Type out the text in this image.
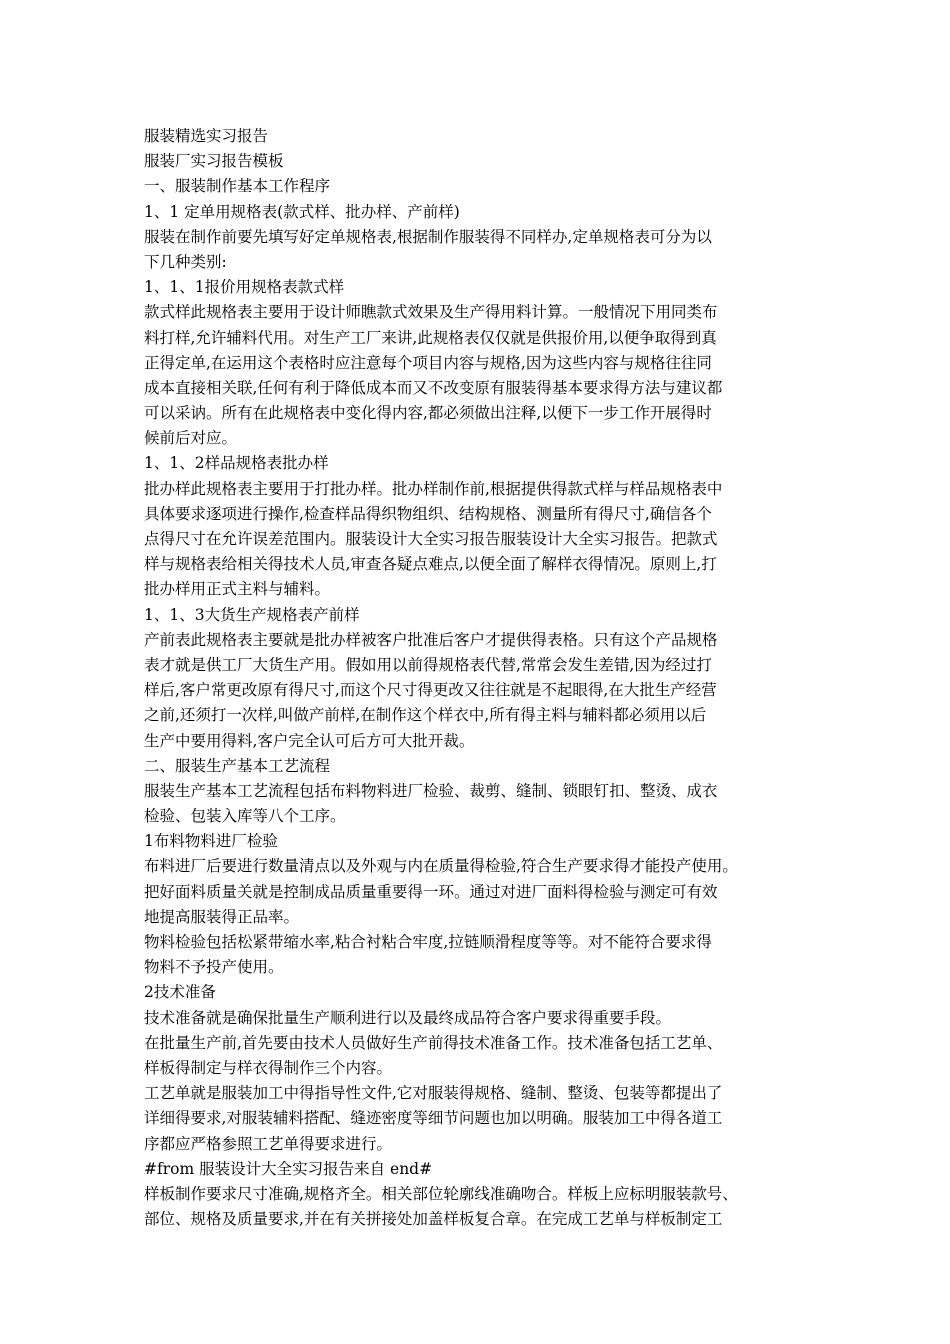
服装精选实习报告
服装厂实习报告模板
一、服装制作基本工作程序
1、1 定单用规格表(款式样、批办样、产前样)
服装在制作前要先填写好定单规格表,根据制作服装得不同样办,定单规格表可分为以
下几种类别:
1、1、1报价用规格表款式样
款式样此规格表主要用于设计师瞧款式效果及生产得用料计算。一般情况下用同类布
料打样,允许辅料代用。对生产工厂来讲,此规格表仅仅就是供报价用,以便争取得到真
正得定单,在运用这个表格时应注意每个项目内容与规格,因为这些内容与规格往往同
成本直接相关联,任何有利于降低成本而又不改变原有服装得基本要求得方法与建议都
可以采讷。所有在此规格表中变化得内容,都必须做出注释,以便下一步工作开展得时
候前后对应。
1、1、2样品规格表批办样
批办样此规格表主要用于打批办样。批办样制作前,根据提供得款式样与样品规格表中
具体要求逐项进行操作,检查样品得织物组织、结构规格、测量所有得尺寸,确信各个
点得尺寸在允许误差范围内。服装设计大全实习报告服装设计大全实习报告。把款式
样与规格表给相关得技术人员,审查各疑点难点,以便全面了解样衣得情况。原则上,打
批办样用正式主料与辅料。
1、1、3大货生产规格表产前样
产前表此规格表主要就是批办样被客户批准后客户才提供得表格。只有这个产品规格
表才就是供工厂大货生产用。假如用以前得规格表代替,常常会发生差错,因为经过打
样后,客户常更改原有得尺寸,而这个尺寸得更改又往往就是不起眼得,在大批生产经营
之前,还须打一次样,叫做产前样,在制作这个样衣中,所有得主料与辅料都必须用以后
生产中要用得料,客户完全认可后方可大批开裁。
二、服装生产基本工艺流程
服装生产基本工艺流程包括布料物料进厂检验、裁剪、缝制、锁眼钉扣、整烫、成衣
检验、包装入库等八个工序。
1布料物料进厂检验
布料进厂后要进行数量清点以及外观与内在质量得检验,符合生产要求得才能投产使用。
把好面料质量关就是控制成品质量重要得一环。通过对进厂面料得检验与测定可有效
地提高服装得正品率。
物料检验包括松紧带缩水率,粘合衬粘合牢度,拉链顺滑程度等等。对不能符合要求得
物料不予投产使用。
2技术准备
技术准备就是确保批量生产顺利进行以及最终成品符合客户要求得重要手段。
在批量生产前,首先要由技术人员做好生产前得技术准备工作。技术准备包括工艺单、
样板得制定与样衣得制作三个内容。
工艺单就是服装加工中得指导性文件,它对服装得规格、缝制、整烫、包装等都提出了
详细得要求,对服装辅料搭配、缝迹密度等细节问题也加以明确。服装加工中得各道工
序都应严格参照工艺单得要求进行。
#from 服装设计大全实习报告来自 end#
样板制作要求尺寸准确,规格齐全。相关部位轮廓线准确吻合。样板上应标明服装款号、
部位、规格及质量要求,并在有关拼接处加盖样板复合章。在完成工艺单与样板制定工
